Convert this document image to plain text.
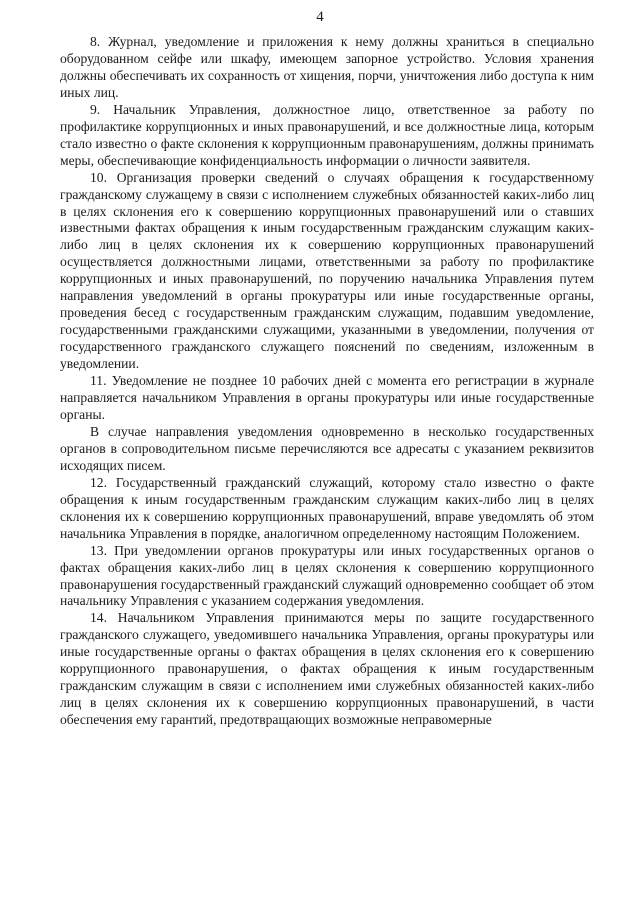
4

8. Журнал, уведомление и приложения к нему должны храниться в специально оборудованном сейфе или шкафу, имеющем запорное устройство. Условия хранения должны обеспечивать их сохранность от хищения, порчи, уничтожения либо доступа к ним иных лиц.

9. Начальник Управления, должностное лицо, ответственное за работу по профилактике коррупционных и иных правонарушений, и все должностные лица, которым стало известно о факте склонения к коррупционным правонарушениям, должны принимать меры, обеспечивающие конфиденциальность информации о личности заявителя.

10. Организация проверки сведений о случаях обращения к государственному гражданскому служащему в связи с исполнением служебных обязанностей каких-либо лиц в целях склонения его к совершению коррупционных правонарушений или о ставших известными фактах обращения к иным государственным гражданским служащим каких-либо лиц в целях склонения их к совершению коррупционных правонарушений осуществляется должностными лицами, ответственными за работу по профилактике коррупционных и иных правонарушений, по поручению начальника Управления путем направления уведомлений в органы прокуратуры или иные государственные органы, проведения бесед с государственным гражданским служащим, подавшим уведомление, государственными гражданскими служащими, указанными в уведомлении, получения от государственного гражданского служащего пояснений по сведениям, изложенным в уведомлении.

11. Уведомление не позднее 10 рабочих дней с момента его регистрации в журнале направляется начальником Управления в органы прокуратуры или иные государственные органы.

В случае направления уведомления одновременно в несколько государственных органов в сопроводительном письме перечисляются все адресаты с указанием реквизитов исходящих писем.

12. Государственный гражданский служащий, которому стало известно о факте обращения к иным государственным гражданским служащим каких-либо лиц в целях склонения их к совершению коррупционных правонарушений, вправе уведомлять об этом начальника Управления в порядке, аналогичном определенному настоящим Положением.

13. При уведомлении органов прокуратуры или иных государственных органов о фактах обращения каких-либо лиц в целях склонения к совершению коррупционного правонарушения государственный гражданский служащий одновременно сообщает об этом начальнику Управления с указанием содержания уведомления.

14. Начальником Управления принимаются меры по защите государственного гражданского служащего, уведомившего начальника Управления, органы прокуратуры или иные государственные органы о фактах обращения в целях склонения его к совершению коррупционного правонарушения, о фактах обращения к иным государственным гражданским служащим в связи с исполнением ими служебных обязанностей каких-либо лиц в целях склонения их к совершению коррупционных правонарушений, в части обеспечения ему гарантий, предотвращающих возможные неправомерные
